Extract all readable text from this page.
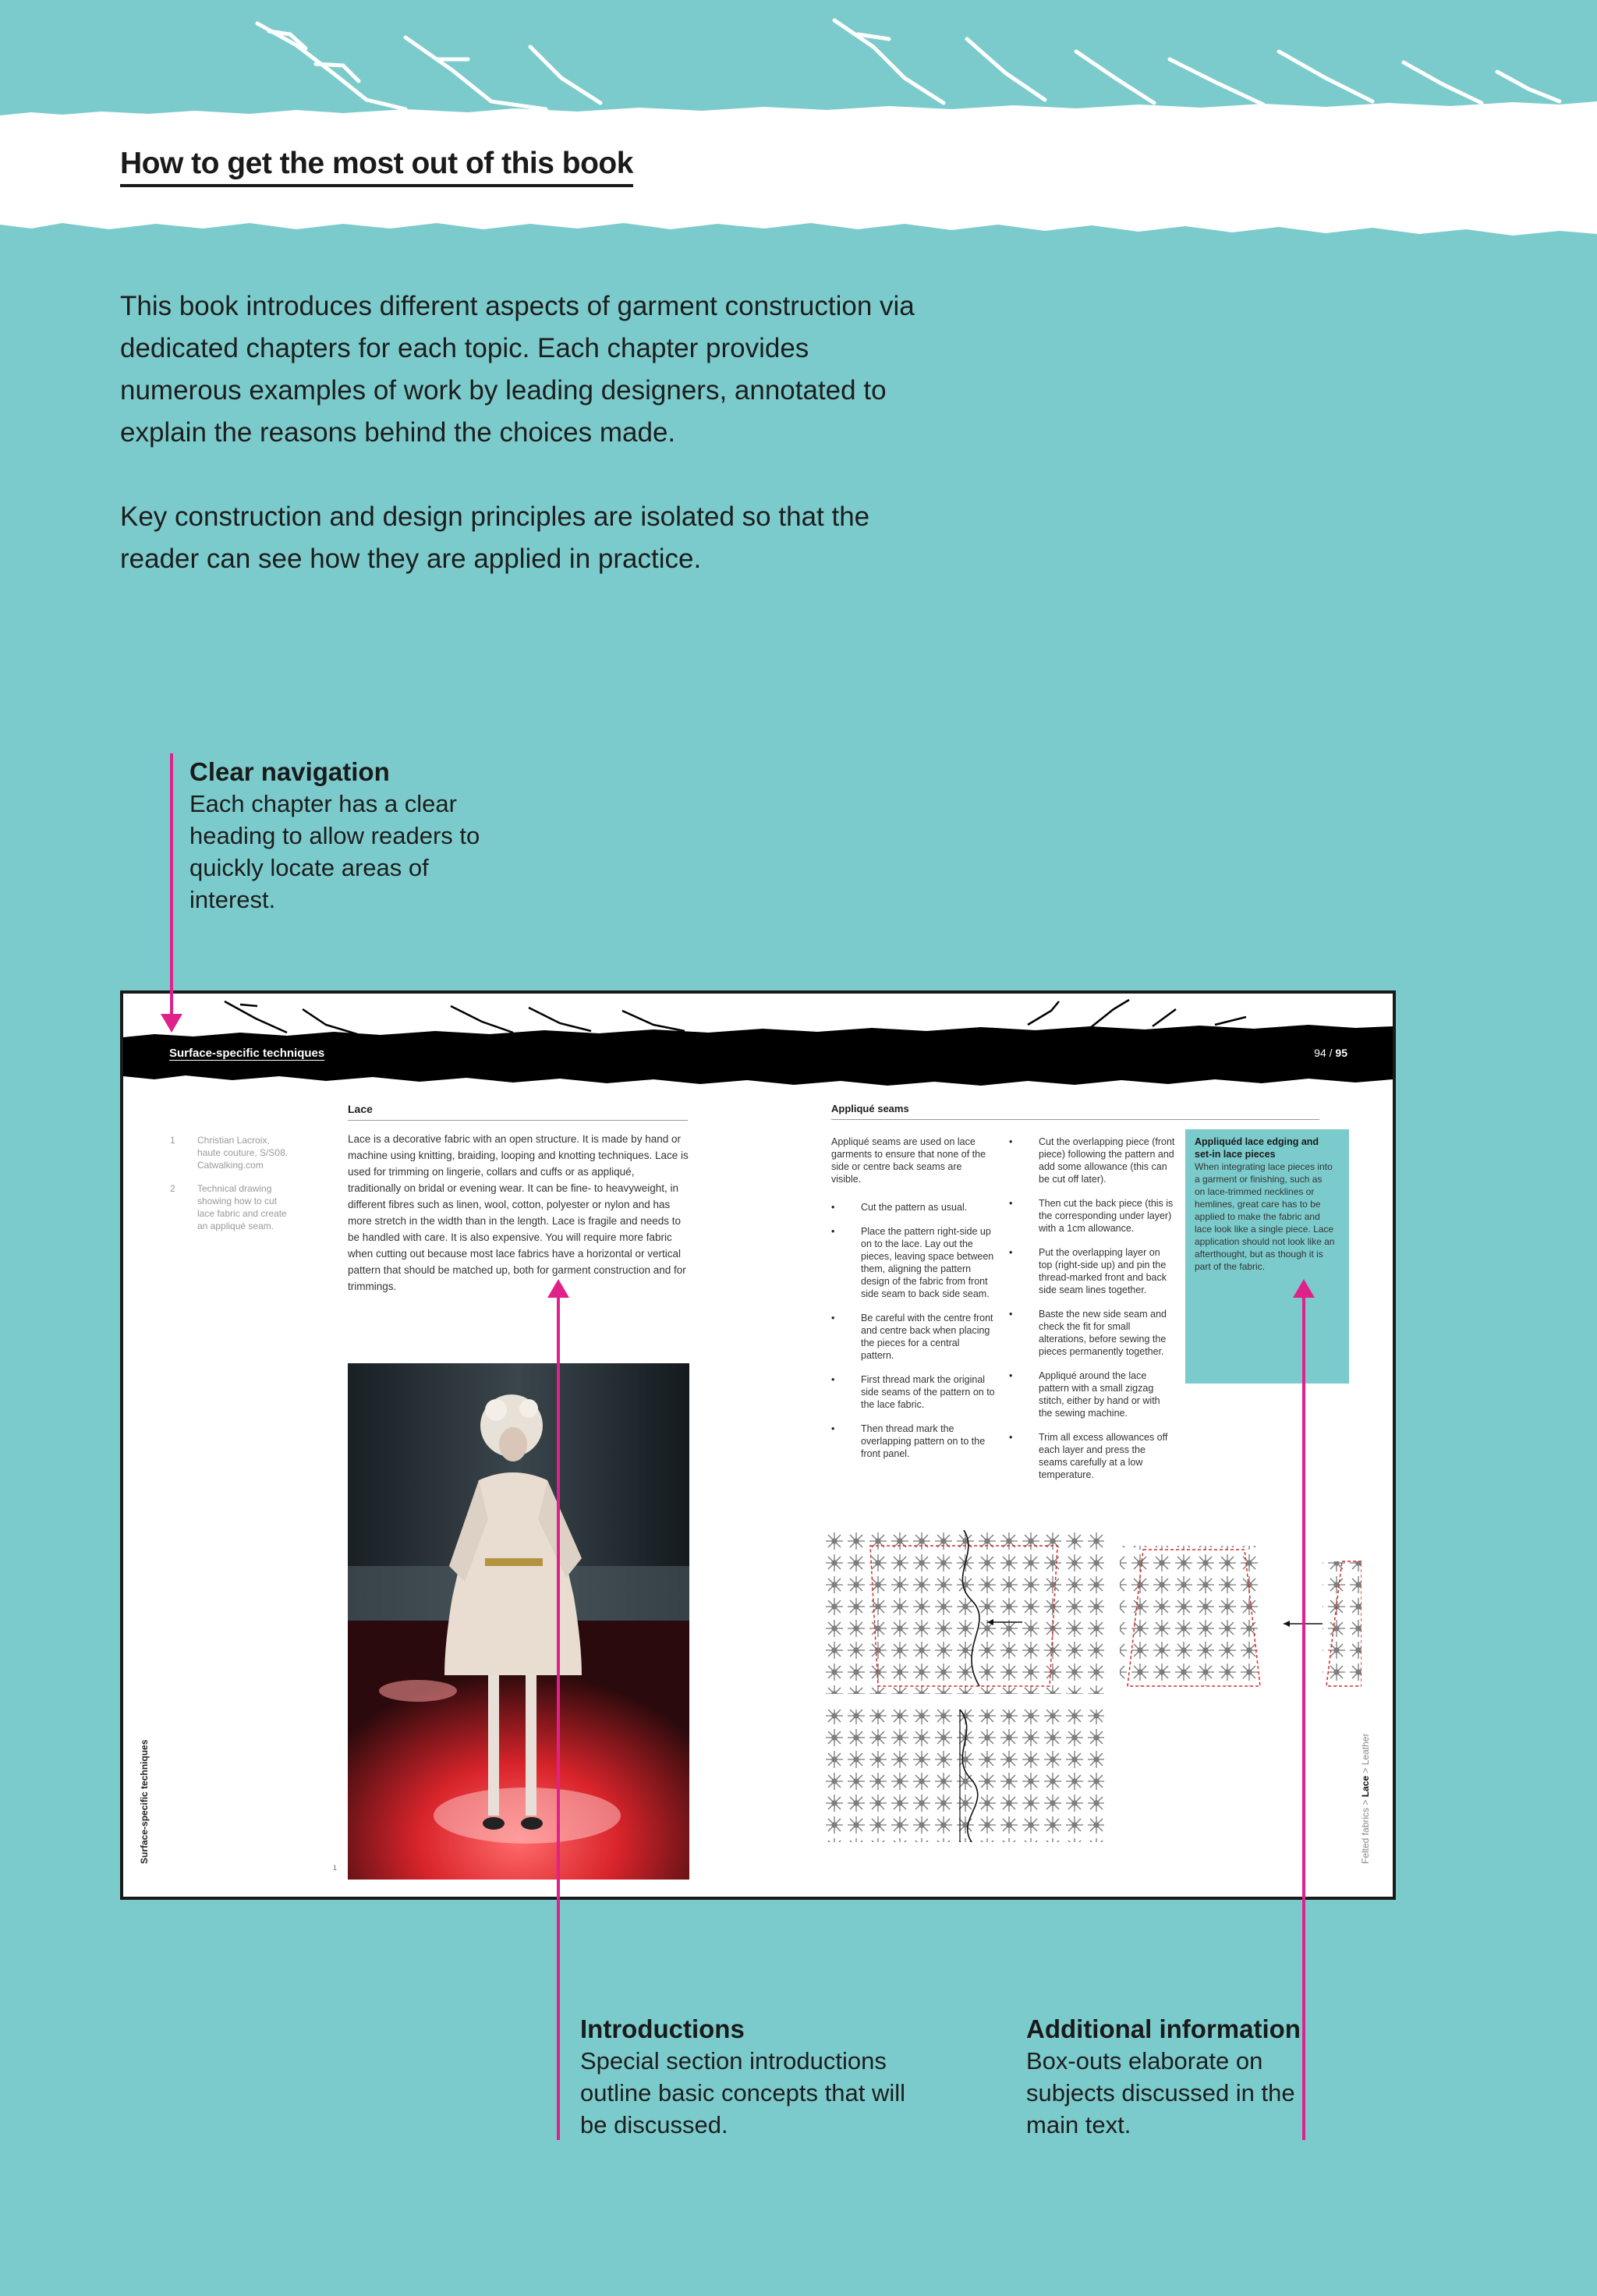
How to get the most out of this book

This book introduces different aspects of garment construction via dedicated chapters for each topic. Each chapter provides numerous examples of work by leading designers, annotated to explain the reasons behind the choices made.

Key construction and design principles are isolated so that the reader can see how they are applied in practice.

Clear navigation

Each chapter has a clear heading to allow readers to quickly locate areas of interest.

Surface-specific techniques	94 / 95
1 Christian Lacroix, haute couture, S/S08. Catwalking.com
2 Technical drawing showing how to cut lace fabric and create an appliqué seam.
Lace
Lace is a decorative fabric with an open structure. It is made by hand or machine using knitting, braiding, looping and knotting techniques. Lace is used for trimming on lingerie, collars and cuffs or as appliqué, traditionally on bridal or evening wear. It can be fine- to heavyweight, in different fibres such as linen, wool, cotton, polyester or nylon and has more stretch in the width than in the length. Lace is fragile and needs to be handled with care. It is also expensive. You will require more fabric when cutting out because most lace fabrics have a horizontal or vertical pattern that should be matched up, both for garment construction and for trimmings.
1
Surface-specific techniques
Appliqué seams
Appliqué seams are used on lace garments to ensure that none of the side or centre back seams are visible.
• Cut the pattern as usual.
• Place the pattern right-side up on to the lace. Lay out the pieces, leaving space between them, aligning the pattern design of the fabric from front side seam to back side seam.
• Be careful with the centre front and centre back when placing the pieces for a central pattern.
• First thread mark the original side seams of the pattern on to the lace fabric.
• Then thread mark the overlapping pattern on to the front panel.
• Cut the overlapping piece (front piece) following the pattern and add some allowance (this can be cut off later).
• Then cut the back piece (this is the corresponding under layer) with a 1cm allowance.
• Put the overlapping layer on top (right-side up) and pin the thread-marked front and back side seam lines together.
• Baste the new side seam and check the fit for small alterations, before sewing the pieces permanently together.
• Appliqué around the lace pattern with a small zigzag stitch, either by hand or with the sewing machine.
• Trim all excess allowances off each layer and press the seams carefully at a low temperature.
Appliquéd lace edging and set-in lace pieces
When integrating lace pieces into a garment or finishing, such as on lace-trimmed necklines or hemlines, great care has to be applied to make the fabric and lace look like a single piece. Lace application should not look like an afterthought, but as though it is part of the fabric.
Felted fabrics > Lace > Leather
Introductions

Special section introductions outline basic concepts that will be discussed.

Additional information

Box-outs elaborate on subjects discussed in the main text.
